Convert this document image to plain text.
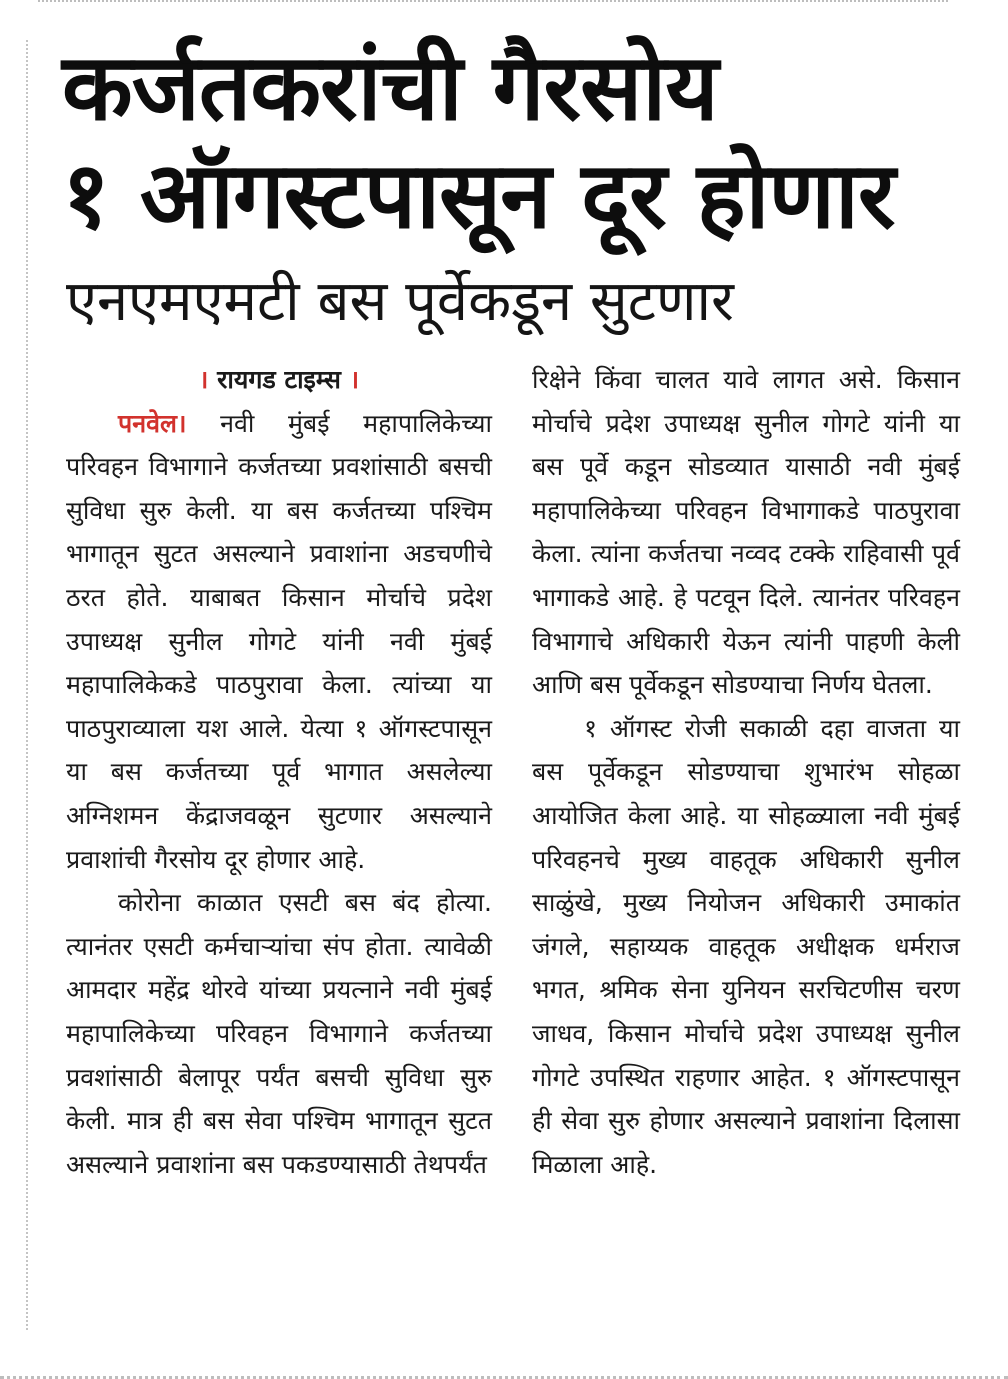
कर्जतकरांची गैरसोय
१ ऑगस्टपासून दूर होणार
एनएमएमटी बस पूर्वेकडून सुटणार
। रायगड टाइम्स ।

पनवेल। नवी मुंबई महापालिकेच्या परिवहन विभागाने कर्जतच्या प्रवशांसाठी बसची सुविधा सुरु केली. या बस कर्जतच्या पश्चिम भागातून सुटत असल्याने प्रवाशांना अडचणीचे ठरत होते. याबाबत किसान मोर्चाचे प्रदेश उपाध्यक्ष सुनील गोगटे यांनी नवी मुंबई महापालिकेकडे पाठपुरावा केला. त्यांच्या या पाठपुराव्याला यश आले. येत्या १ ऑगस्टपासून या बस कर्जतच्या पूर्व भागात असलेल्या अग्निशमन केंद्राजवळून सुटणार असल्याने प्रवाशांची गैरसोय दूर होणार आहे.

कोरोना काळात एसटी बस बंद होत्या. त्यानंतर एसटी कर्मचाऱ्यांचा संप होता. त्यावेळी आमदार महेंद्र थोरवे यांच्या प्रयत्नाने नवी मुंबई महापालिकेच्या परिवहन विभागाने कर्जतच्या प्रवशांसाठी बेलापूर पर्यंत बसची सुविधा सुरु केली. मात्र ही बस सेवा पश्चिम भागातून सुटत असल्याने प्रवाशांना बस पकडण्यासाठी तेथपर्यंत

रिक्षेने किंवा चालत यावे लागत असे. किसान मोर्चाचे प्रदेश उपाध्यक्ष सुनील गोगटे यांनी या बस पूर्वे कडून सोडव्यात यासाठी नवी मुंबई महापालिकेच्या परिवहन विभागाकडे पाठपुरावा केला. त्यांना कर्जतचा नव्वद टक्के राहिवासी पूर्व भागाकडे आहे. हे पटवून दिले. त्यानंतर परिवहन विभागाचे अधिकारी येऊन त्यांनी पाहणी केली आणि बस पूर्वेकडून सोडण्याचा निर्णय घेतला.

१ ऑगस्ट रोजी सकाळी दहा वाजता या बस पूर्वेकडून सोडण्याचा शुभारंभ सोहळा आयोजित केला आहे. या सोहळ्याला नवी मुंबई परिवहनचे मुख्य वाहतूक अधिकारी सुनील साळुंखे, मुख्य नियोजन अधिकारी उमाकांत जंगले, सहाय्यक वाहतूक अधीक्षक धर्मराज भगत, श्रमिक सेना युनियन सरचिटणीस चरण जाधव, किसान मोर्चाचे प्रदेश उपाध्यक्ष सुनील गोगटे उपस्थित राहणार आहेत. १ ऑगस्टपासून ही सेवा सुरु होणार असल्याने प्रवाशांना दिलासा मिळाला आहे.
